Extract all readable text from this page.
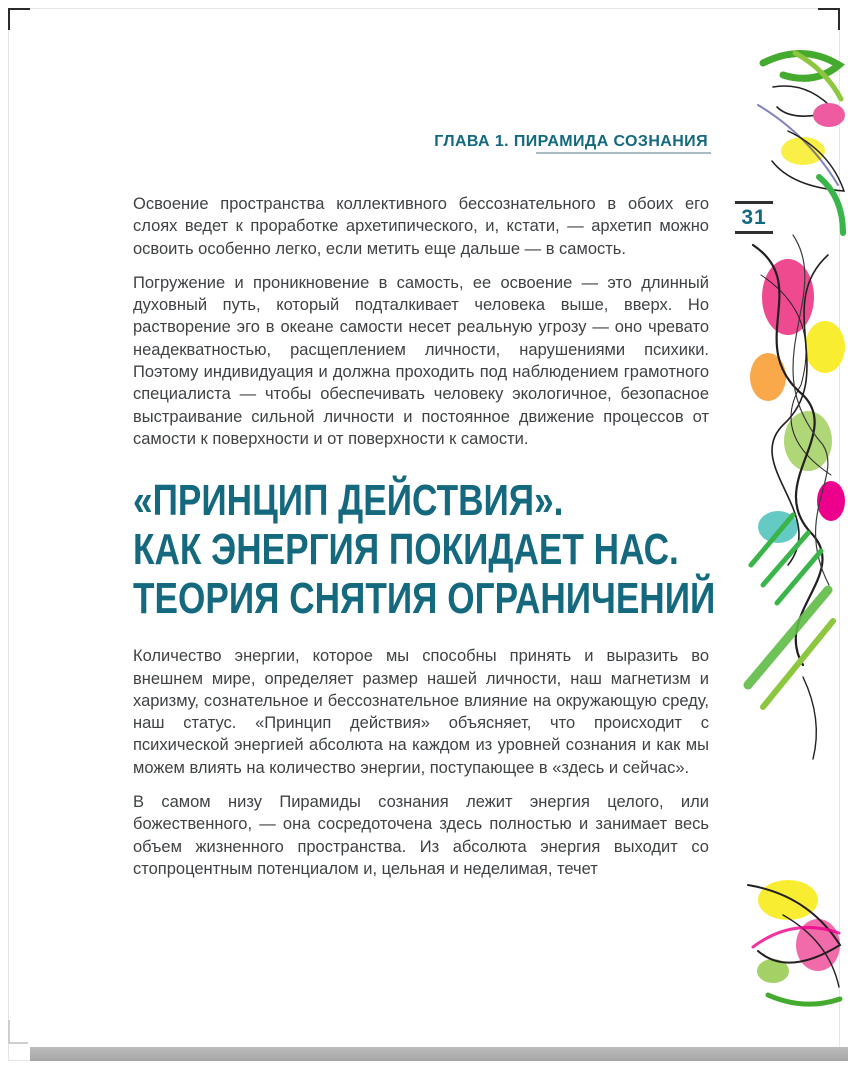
ГЛАВА 1. ПИРАМИДА СОЗНАНИЯ
31

Освоение пространства коллективного бессознательного в обоих его слоях ведет к проработке архетипического, и, кстати, — архетип можно освоить особенно легко, если метить еще дальше — в самость.

Погружение и проникновение в самость, ее освоение — это длинный духовный путь, который подталкивает человека выше, вверх. Но растворение эго в океане самости несет реальную угрозу — оно чревато неадекватностью, расщеплением личности, нарушениями психики. Поэтому индивидуация и должна проходить под наблюдением грамотного специалиста — чтобы обеспечивать человеку экологичное, безопасное выстраивание сильной личности и постоянное движение процессов от самости к поверхности и от поверхности к самости.

«ПРИНЦИП ДЕЙСТВИЯ».
КАК ЭНЕРГИЯ ПОКИДАЕТ НАС.
ТЕОРИЯ СНЯТИЯ ОГРАНИЧЕНИЙ

Количество энергии, которое мы способны принять и выразить во внешнем мире, определяет размер нашей личности, наш магнетизм и харизму, сознательное и бессознательное влияние на окружающую среду, наш статус. «Принцип действия» объясняет, что происходит с психической энергией абсолюта на каждом из уровней сознания и как мы можем влиять на количество энергии, поступающее в «здесь и сейчас».

В самом низу Пирамиды сознания лежит энергия целого, или божественного, — она сосредоточена здесь полностью и занимает весь объем жизненного пространства. Из абсолюта энергия выходит со стопроцентным потенциалом и, цельная и неделимая, течет
